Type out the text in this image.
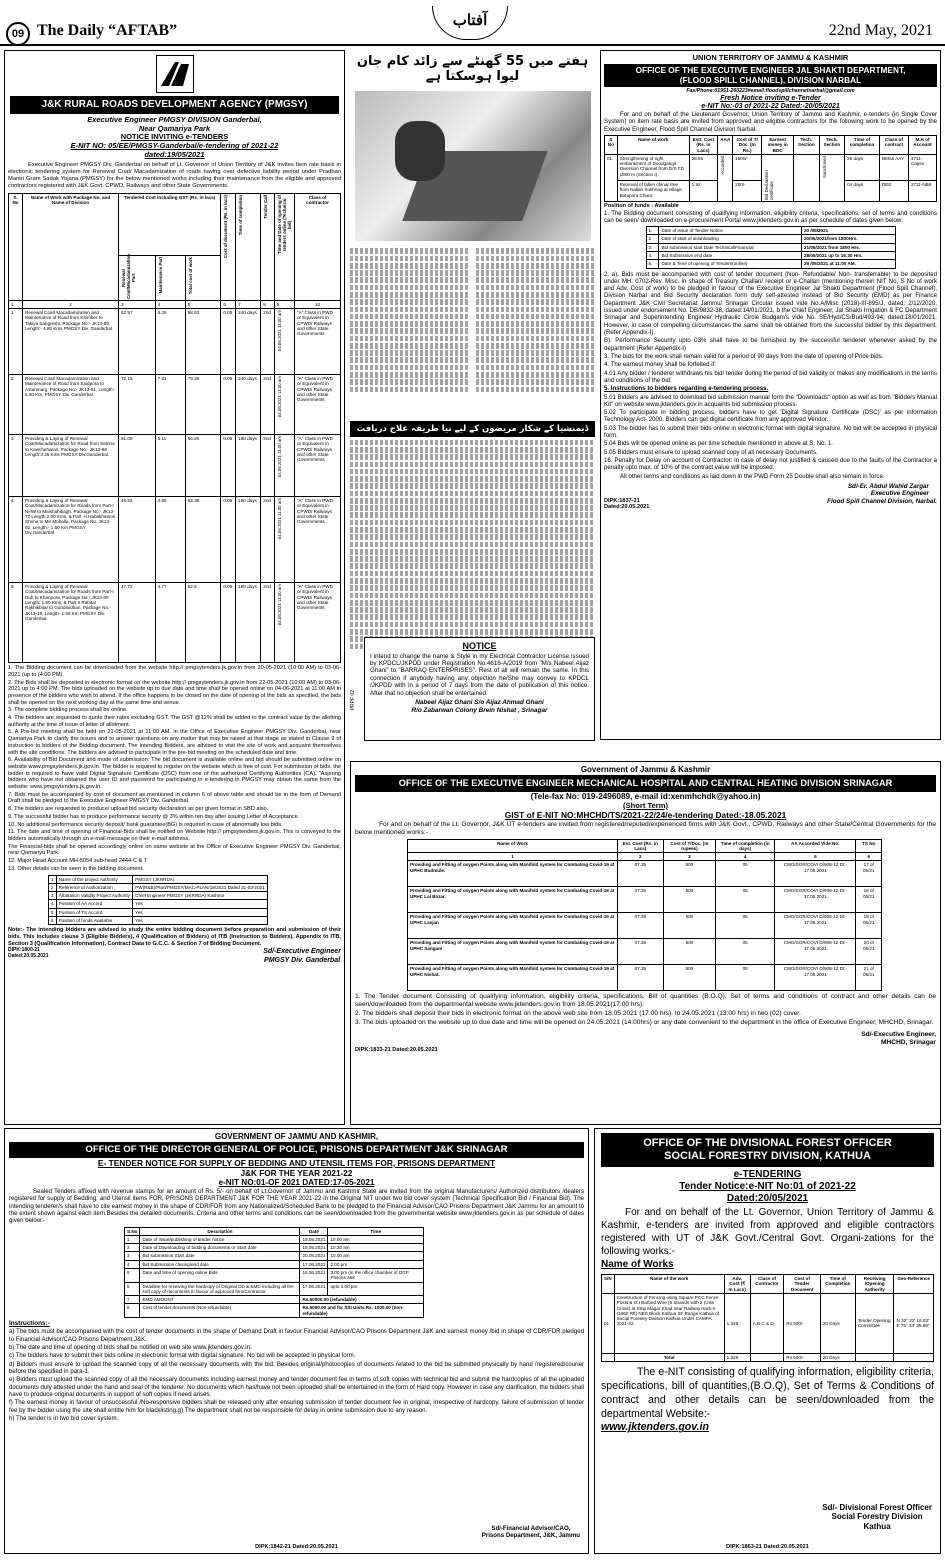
09 The Daily “AFTAB”
آفتاب
22nd May, 2021
J&K RURAL ROADS DEVELOPMENT AGENCY (PMGSY)
Executive Engineer PMGSY DIVISION Ganderbal,
Near Qamariya Park
NOTICE INVITING e-TENDERS
E-NIT NO: 05/EE/PMGSY-Ganderbal/e-tendering of 2021-22
dated:19/05/2021
Executive Engineer PMGSY Div. Ganderbal on behalf of Lt. Governor of Union Territory of J&K invites Item rate basis in electronic tendering system for Renewal Coat/ Macadamization of roads having over defective liability period under Pradhan Mantri Gram Sadak Yojana (PMGSY) for the below mentioned works including their maintenance from the eligible and approved contractors registered with J&K Govt. CPWD, Railways and other State Governments.
S. No	Name of Work with Package No. and Name of Division	Tendered Cost including GST (Rs. in lacs)			Cost of document (Rs. in lacs)	Time of completion	Tender Call	Time and Date of opening of tenders online (Technical bid)	Class of contractor

		Renewal Coat/Macadamization Part	Maintenance Part	Total cost of work					

1	2	3	4	5	6	7	8	9	10
1	Renewal Coat/ Macadamization and Maintenance of Road from Khimber to Takiya Sangreshi, Package No:- JK13-89, Length:- 4.80 Kms PMGSY Div. Ganderbal.	62.57	6.26	68.83	0.05	240 days	2nd	04.06.2021 11.00 am	"A" Class in PWD or Equivalent in CPWD/ Railways and other State Governments
2	Renewal Coat/ Macadamization and Maintenance of Road from Saidpora to Astanmarg, Package No:- JK13-91, Length:- 5.50 Km, PMGSY Div. Ganderbal.	72.15	7.21	79.36	0.05	240 days	2nd	04.06.2021 11.00 am	"A" Class in PWD or Equivalent in CPWD/ Railways and other State Governments
3	Providing & Laying of Renewal Coat/Macadamization for Road from Satrina to Kawcheharan, Package No:- JK13-68 Length:3.35 Kms PMGSY Div.Ganderbal.	51.09	5.11	56.20	0.05	180 days	2nd	04.06.2021 11.00 am	"A" Class in PWD or Equivalent in CPWD/ Railways and other State Governments
4	Providing & Laying of Renewal Coat/Macadamization for Roads from Part-I NHW to Malshahibagh, Package No:- JK13-72 Length:2.00 Kms, & Part -II Habakhatoon Shrine to Mir Mohalla, Package No. JK13-92, Length:- 1.50 Km PMGSY Div.Ganderbal.	48.53	4.85	53.38	0.05	180 days	2nd	04.06.2021 11.00 am	"A" Class in PWD or Equivalent in CPWD/ Railways and other State Governments
5	Providing & Laying of Renewal Coat/Macadamization for Roads from Part-I Dub to Khanpora, Package No:- JK13-80 Length: 1.90 Kms, & Part II Rabitar Rakhikbitar to Gundinidhan, Package No.- JK13-19, Length- 1.55 Km PMGSY Div. Ganderbal.	47.72	4.77	52.5	0.05	180 days	2nd	04.06.2021 11.00 am	"A" Class in PWD or Equivalent in CPWD/ Railways and other State Governments
1. The Bidding document can be downloaded from the website http:// pmgsytenders.jk.gov.in from 20-05-2021 (10:00 AM) to 03-06-2021 (up to (4:00 PM).
2. The Bids shall be deposited in electronic format on the website http:// pmgsytenders.jk.gov.in from 22-05-2021 (10:00 AM) to 03-06-2021 up to 4:00 PM. The bids uploaded on the website up to due date and time shall be opened online on 04-06-2021 at 11:00 AM in presence of the bidders who wish to attend. If the office happens to be closed on the date of opening of the bids as specified, the bids shall be opened on the next working day at the same time and venue.
3. The complete bidding process shall be online.
4. The bidders are requested to quote their rates excluding GST. The GST @12% shall be added to the contract value by the allotting authority at the time of issue of letter of allotment.
5. A Pre-bid meeting shall be held on 21-05-2021 at 11:00 AM. in the Office of Executive Engineer PMGSY Div. Ganderbal, near Qamariya Park to clarify the issues and to answer questions on any matter that may be raised at that stage as stated in Clause 9 of instruction to bidders of the Bidding document. The intending Bidders, are advised to visit the site of work and acquaint themselves with the site conditions. The bidders are advised to participate in the pre-bid meeting on the scheduled date and time.
6. Availability of Bid Document and mode of submission: The bid document is available online and bid should be submitted online on website www.pmgsytenders.jk.gov.in. The bidder is required to register on the website which is free of cost. For submission of bids, the bidder is required to have valid Digital Signature Certificate (DSC) from one of the authorized Certifying Authorities (CA). "Aspiring bidders who have not obtained the user ID and password for participating in e-tendering in PMGSY may obtain the same from the website: www.pmgsytenders.jk.gov.in.
7. Bids must be accompanied by cost of document as mentioned in column 6 of above table and should be in the form of Demand Draft shall be pledged to the Executive Engineer PMGSY Div. Ganderbal.
8. The bidders are requested to produce/ upload bid security declaration as per given format in SBD also.
9. The successful bidder has to produce performance security @ 3% within ten day after issuing Letter of Acceptance.
10. No additional performance security deposit/ bank guarantee(BG) is required in case of abnormally low bids.
11. The date and time of opening of Financial-Bids shall be notified on Website http:// pmgsytenders.jk.gov.in. This is conveyed to the bidders automatically through an e-mail message on their e-mail address.
The Financial-bids shall be opened accordingly online on same website at the Office of Executive Engineer PMGSY Div. Ganderbal, near Qamariya Park.
12. Major Head Account MH-5054 sub-head 2444-C & T
13. Other details can be seen in the bidding document.
1	Name of the project Authority	PMGSY (JKRRDA)
2	Reference of Authorization	PW(R&B)/Plan/PMGSY/MAC-PLAN/19/2021 Dated 31-03-2021
3	Arbitration Validity Project Authority	Chief Engineer PMGSY (JKRRDA) Kashmir
4	Position of AA Accord	Yes
5	Position of TS Accord	Yes
6	Position of funds Available	Yes
Note:- The intending bidders are advised to study the entire bidding document before preparation and submission of their bids. This includes clause 3 (Eligible Bidders), 4 (Qualification of Bidders) of ITB (Instruction to Bidders), Appendix to ITB, Section 3 (Qualification Information), Contract Data to G.C.C. & Section 7 of Bidding Document.
DIPK:1800-21
Dated:20.05.2021
Sd/-Executive Engineer
PMGSY Div. Ganderbal
ہفتے میں 55 گھنٹے سے زائد کام جان لیوا ہوسکتا ہے
ڈیمنشیا کے شکار مریضوں کے لیے نیا طریقہ علاج دریافت
NOTICE
I intend to change the name & Style in my Electrical Contractor License issued by KPDCL/JKPDD under Registration No.4616-A/2019 from "M/s Nabeel Aijaz Ghani" to "BARRAQ ENTERPRISES". Rest of all will remain the same. In this connection if anybody having any objection he/She may convey to KPDCL /JKPDD with in a period of 7 days from the date of publication of this notice. After that no objection shall be entertained.
Nabeel Aijaz Ghani S/o Aijaz Ahmad Ghani
R/o Zabarwan Colony Brein Nishat , Srinagar
PRPF 02
UNION TERRITORY OF JAMMU & KASHMIR
OFFICE OF THE EXECUTIVE ENGINEER JAL SHAKTI DEPARTMENT,
(FLOOD SPILL CHANNEL), DIVISION NARBAL
Fax/Phone:01951-260223#email:floodspillchannelnarbal@gmail.com
Fresh Notice inviting e-Tender
e-NIT No:-03 of 2021-22 Dated:-20/05/2021
For and on behalf of the Lieutenant Governor, Union Territory of Jammu and Kashmir, e-tenders (in Single Cover System) on item rate basis are invited from approved and eligible contractors for the following work to be opened by the Executive Engineer, Flood Spill Channel Division Narbal.
S No	Name of work	Estt. Cost (Rs. in Lacs)	AAA	Cost of T/ Doc. (In Rs.)	Earnest money in BDC	Tech. Section	Tech. Section	Time of completion	Class of contract	M.H of Account
01.	Strengthening of right embankment of Doodganga Diversion Channel from D/S FD 1800 m (Section I)	28.56	Accorded	1500/-	Bid Declaration certificate		Sanctioned	25 days	BEE& AAY	4711- Capex
	Removal of fallen chinar tree from Nallah Sukhnag at village Batapora Chara	1.92		200/-				04 days	DEE	2711-NBK
Position of funds : Available
1. The Bidding document consisting of qualifying information, eligibility criteria, specifications, set of terms and conditions can be seen/ downloaded on e-procurement Portal www.jktenders.gov.in as per schedule of dates given below:
1.	Date of issue of Tender Notice	20 /05/2021
2.	Date of start of downloading	20/05/2021from 1800Hrs.
3.	Bid submission start Date Technical/Financial	21/05/2021 from 1800 Hrs.
4.	Bid Submission end date	28/05/2021 up to 16:30 Hrs.
5.	Date & Time of opening of Tenders(online)	29 /05/2021 at 11:00 AM.
2. a). Bids must be accompanied with cost of tender document (Non- Refundable/ Non- transferrable) to be deposited under MH: 0702-Rev. Misc. in shape of Treasury Challan/ receipt or e-Challan (mentioning therein NIT No, S No of work and Adv. Cost of work) to be pledged in favour of the Executive Engineer Jal Shakti Department (Flood Spill Channel), Division Narbal and Bid Security declaration form duly self-attested instead of Bid Security (EMD) as per Finance Department J&K Civil Secretariat Jammu/ Srinagar Circular issued vide No.A/Misc (2018)-III-895/J, dated: 2/12/2020, issued under endorsement No. DB/9832-38, dated:14/01/2021, b the Chief Engineer, Jal Shakti Irrigation & FC Department Srinagar and Superintending Engineer Hydraulic Circle Budgam's vide No. SE/Hyd/CS/Bud/493-94, dated:18/01/2021. However, in case of compelling circumstances the same shall be obtained from the successful bidder by this department. (Refer Appendix-I).
B). Performance Security upto 03% shall have to be furnished by the successful tenderer whenever asked by the department (Refer Appendix-I)
3. The bids for the work shall remain valid for a period of 90 days from the date of opening of Price bids.
4. The earnest money shall be forfeited if:
4.01 Any bidder / tenderer withdraws his bid/ tender during the period of bid validity or makes any modifications in the terms and conditions of the bid.
5. Instructions to bidders regarding e-tendering process.
5.01 Bidders are advised to download bid submission manual form the "Downloads" option as well as from "Bidders Manual Kit" on website www.jktenders.gov.in acquaints bid submission process.
5.02 To participate in bidding process, bidders have to get 'Digital Signature Certificate (DSC)' as per information Technology Act- 2000. Bidders can get digital certificate from any approved Vendor.
5.03 The bidder has to submit their bids online in electronic format with digital signature. No bid will be accepted in physical form.
5.04 Bids will be opened online as per time schedule mentioned in above at S. No. 1.
5.05 Bidders must ensure to upload scanned copy of all necessary Documents.
16. Penalty for Delay on account of Contractor: in case of delay not justified & caused due to the faults of the Contractor a penalty upto max. of 10% of the contract value will be imposed.
All other terms and conditions as laid down in the PWD Form 25 Double shall also remain in force.
Sd/-Er. Abdul Wahid Zargar
Executive Engineer
DIPK:1837-21
Dated:20.05.2021
Flood Spill Channel Division, Narbal.
Government of Jammu & Kashmir
OFFICE OF THE EXECUTIVE ENGINEER MECHANICAL HOSPITAL AND CENTRAL HEATING DIVISION SRINAGAR
(Tele-fax No: 019-2496089, e-mail id:xenmhchdk@yahoo.in)
(Short Term)
GIST of E-NIT NO:MHCHD/TS/2021-22/24/e-tendering Dated:-18.05.2021
For and on behalf of the Lt. Governor, J&K UT e-tenders are invited from registered/reputed/experienced firms with J&K Govt., CPWD, Railways and other State/Central Governments for the below mentioned works:-
Name of Work	Est. Cost (Rs. in Lacs)	Cost of T/Doc. (In rupees)	Time of completion (in days)	AA Accorded Vide No:	TS No
1	2	3	4	5	6
Providing and Fitting of oxygen Points along with Manifold system for Combating Covid-19 at UPHC Budmule.	07.35	500	05	CMO/SGR/COVI D/908-12 Dt:- 17.05.2021	17 of 05/21
Providing and Fitting of oxygen Points along with Manifold system for Combating Covid-19 at UPHC Lal Bazar.	07.35	500	05	CMO/SGR/COVI D/908-12 Dt:- 17.05.2021	18 of 05/21
Providing and Fitting of oxygen Points along with Manifold system for Combating Covid-19 at UPHC Lasjan	07.35	500	05	CMO/SGR/COVI D/908-12 Dt:- 17.05.2021	19 of 05/21
Providing and Fitting of oxygen Points along with Manifold system for Combating Covid-19 at UPHC Sangam	07.35	500	05	CMO/SGR/COVI D/908-12 Dt:- 17.05.2021	20 of 05/21
Providing and Fitting of oxygen Points along with Manifold system for Combating Covid-19 at UPHC Nishat.	07.35	500	05	CMO/SGR/COVI D/908-12 Dt:- 17.05.2021	21 of 05/21
1. The Tender document Consisting of qualifying information, eligibility criteria, specifications, Bill of quantities (B.O.Q), Set of terms and conditions of contract and other details can be seen/downloaded from the departmental website www.jktenders.gov.in from 18.05.2021(17.00 hrs).
2. The bidders shall deposit their bids in electronic format on the above web site from 18.05.2021 (17.00 hrs). to 24.05.2021 (13:00 hrs) in two (02) cover.
3. The bids uploaded on the website up to due date and time will be opened on 24.05.2021 (14:00hrs) or any date convenient to the department in the office of Executive Engineer, MHCHD, Srinagar.
Sd/-Executive Engineer,
MHCHD, Srinagar
DIPK:1833-21 Dated:20.05.2021
GOVERNMENT OF JAMMU AND KASHMIR,
OFFICE OF THE DIRECTOR GENERAL OF POLICE, PRISONS DEPARTMENT J&K SRINAGAR
E- TENDER NOTICE FOR SUPPLY OF BEDDING AND UTENSIL ITEMS FOR, PRISONS DEPARTMENT
J&K FOR THE YEAR 2021-22
e-NIT NO:01-OF 2021 DATED:17-05-2021
Sealed Tenders affixed with revenue stamps for an amount of Rs. 5/- on behalf of Lt.Governor of Jammu and Kashmir State are invited from the original Manufacturers/ Authorized distributors /dealers registered for supply of Bedding, and Utensil items FOR, PRISONS DEPARTMENT J&K FOR THE YEAR 2021-22 in the Original NIT under two bid cover system (Technical Specification Bid / Financial Bid). The intending tenderer/s shall have to cite earnest money in the shape of CDR/FDR from any Nationalized/Scheduled Bank to be pledged to the Financial Advisor/CAO Prisons Department J&K Jammu for an amount to the extent shown against each item.Besides the detailed documents, Criteria and other terms and conditions can be seen/downloaded from the governmental website www.jktenders.gov.in as per schedule of dates given below:-
S.No	Description	Date	Time
1	Date of Issue/publishing of tender notice	18.05.2021	10.00 am
2	Date of Downloading of bidding documents or Start date	18.05.2021	10.30 am
3	Bid submission Start date	20.05.2021	10.00 am
4	Bid Submission closing/end date	17.06.2021	2.00 pm
5	Date and time of opening online Bids	18.06.2021	3.00 pm (in the office chamber of DGP Prisons J&K
6	Deadline for receiving the hardcopy of Original DD & EMD including all the soft copy of documents in favour of approved firm/Contractor	17.06.2021	upto 3.00 pm
7	EMD AMOUNT	Rs.50000.00 (refundable)	
8	Cost of tender documents (Non-refundable)	Rs.5000.00 and for SSI Units Rs. 1000.00 (non-refundable)	
Instructions:-
a) The bids must be accompanied with the cost of tender documents in the shape of Demand Draft in favour Financial Advisor/CAO Prisons Department J&K and earnest money /bid in shape of CDR/FDR pledged to Financial Advisor/CAO Prisons Department J&K.
b) The date and time of opening of bids shall be notified on web site www.jktenders.gov.in.
c) The bidders have to submit their bids online in electronic format with digital signature. No bid will be accepted in physical form.
d) Bidders must ensure to upload the scanned copy of all the necessary documents with the bid. Besides original/photocopies of documents related to the bid be submitted physically by hand /registered/courier before the specified in para-1.
e) Bidders must upload the scanned copy of all the necessary documents including earnest money and tender document fee in terms of soft copies with technical bid and submit the hardcopies of all the uploaded documents duly attested under the hand and seal of the tenderer. No documents which has/have not been uploaded shall be entertained in the form of Hard copy. However in case any clarification, the bidders shall have to produce original documents in support of soft copies if need arises.
f) The earnest money in favour of unsuccessful /No-responsive bidders shall be released only after ensuring submission of tender document fee in original, irrespective of hardcopy, failure of submission of tender fee by the bidder using the site shall entitle him for blacklisting.g) The department shall not be responsible for delay in online submission due to any reason.
h) The tender is in two bid cover system.
Sd/-Financial Advisor/CAO,
Prisons Department, J&K, Jammu
DIPK:1842-21 Dated:20.05.2021
OFFICE OF THE DIVISIONAL FOREST OFFICER
SOCIAL FORESTRY DIVISION, KATHUA
e-TENDERING
Tender Notice:e-NIT No:01 of 2021-22
Dated:20/05/2021
For and on behalf of the Lt. Governor, Union Territory of Jammu & Kashmir, e-tenders are invited from approved and eligible contractors registered with UT of J&K Govt./Central Govt. Organi-zations for the following works:-
Name of Works
S/N	Name of the work	Adv. Cost (₹ In Lacs)	Class of Contractor	Cost of Tender Document	Time of Completion	Receiving /Opening Authority	Geo-Reference
01	Construction of Fencing using Square PCC Fence Posts & G.I Barbed Wire (5 Strands with 2 Criss Cross) at Strip Magar Khad near Railway track-II (1660 Rft) NES Block Kathua SF Range Kathua of Social Forestry Division Kathua Under CAMPA 2021-22.	1.328	A,B,C & D	Rs.500/-	20 Days	Tender Opening Committee	N 32° 22' 16.03" E 75° 34' 35.88"
	Total	1.328		Rs.500/-	20 Days		
The e-NIT consisting of qualifying information, eligibility criteria, specifications, bill of quantities,(B.O.Q), Set of Terms & Conditions of contract and other details can be seen/downloaded from the departmental Website:-
www.jktenders.gov.in
Sd/- Divisional Forest Officer
Social Forestry Division
Kathua
DIPK:1863-21 Dated:20.05.2021
